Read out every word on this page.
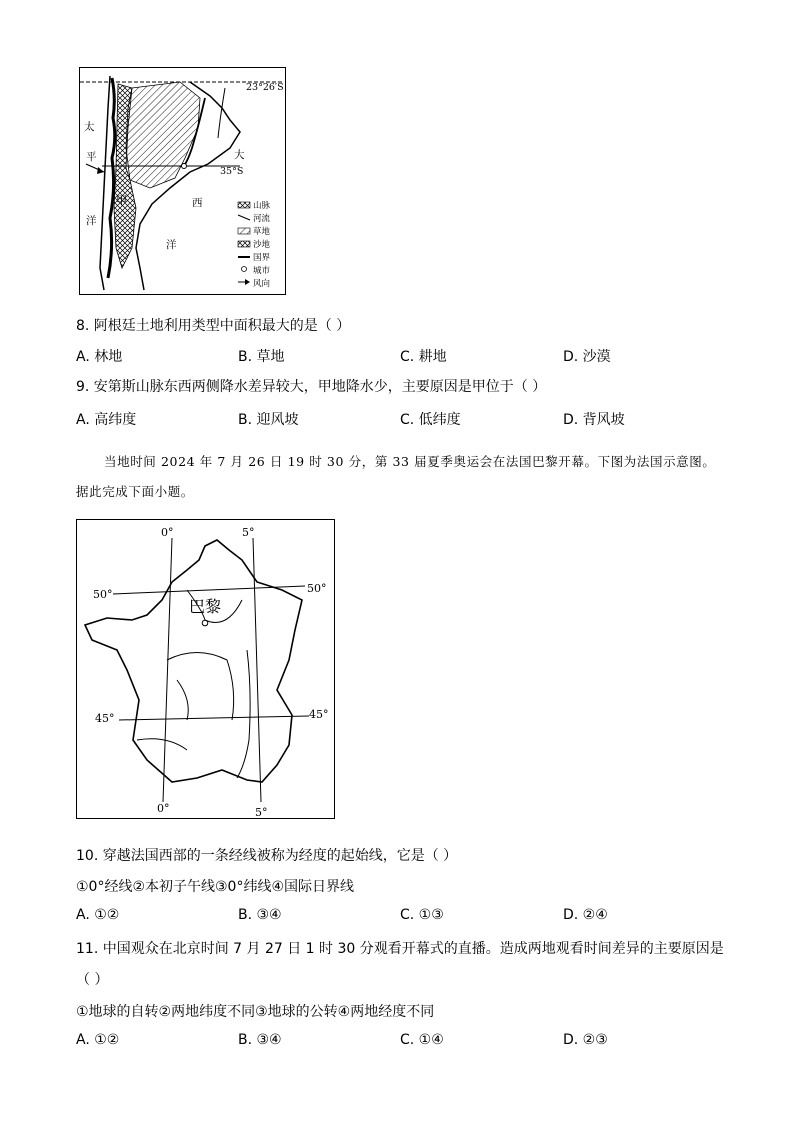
23°26′S
35°S
太
平
洋
大
西
洋
甲	山脉
河流
草地
沙地
国界
城市
风向
8. 阿根廷土地利用类型中面积最大的是（ ）
A. 林地	B. 草地	C. 耕地	D. 沙漠
9. 安第斯山脉东西两侧降水差异较大，甲地降水少，主要原因是甲位于（ ）
A. 高纬度	B. 迎风坡	C. 低纬度	D. 背风坡
当地时间 2024 年 7 月 26 日 19 时 30 分，第 33 届夏季奥运会在法国巴黎开幕。下图为法国示意图。
据此完成下面小题。
0°	5°
0°	5°
50°	50°
45°	45°
巴黎
10. 穿越法国西部的一条经线被称为经度的起始线，它是（ ）
①0°经线②本初子午线③0°纬线④国际日界线
A. ①②	B. ③④	C. ①③	D. ②④
11. 中国观众在北京时间 7 月 27 日 1 时 30 分观看开幕式的直播。造成两地观看时间差异的主要原因是
（ ）
①地球的自转②两地纬度不同③地球的公转④两地经度不同
A. ①②	B. ③④	C. ①④	D. ②③
